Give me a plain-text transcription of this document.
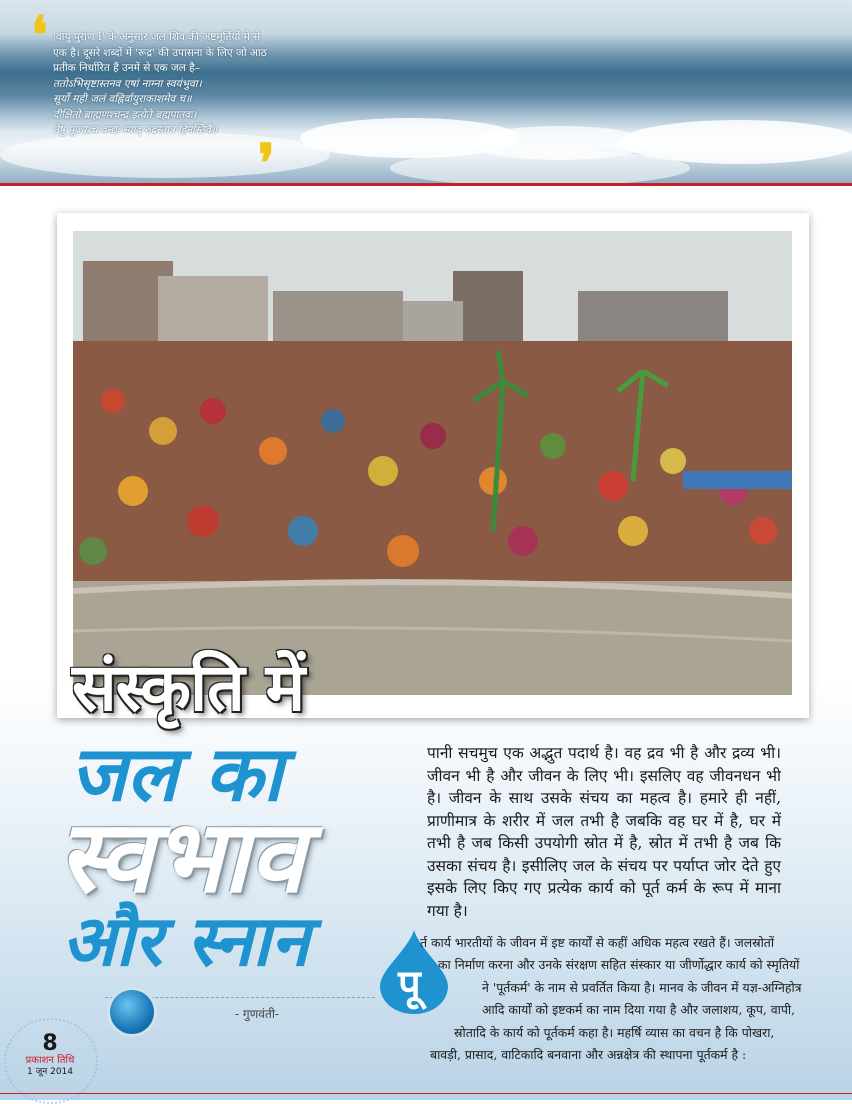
❛
❜

'वायु पुराण I' के अनुसार जल शिव की अष्टमूर्तियों में से

एक है। दूसरे शब्दों में 'रूद्र' की उपासना के लिए जो आठ

प्रतीक निर्धारित हैं उनमें से एक जल है–

ततोऽभिसृष्टास्तनव एषां नाम्ना स्वयंभुवा।

सूर्यो मही जलं वह्निर्वायुराकाशमेव च॥

दीक्षितो ब्राह्मणश्चन्द्र इत्येते ब्रह्मपातवः।

तेषु पूज्यश्च वन्द्यः स्याद् रुद्रस्तात्र हिनस्तिवै॥

संस्कृति में
जल का
स्वभाव
और स्नान

पानी सचमुच एक अद्भुत पदार्थ है। वह द्रव भी है और द्रव्य भी। जीवन भी है और जीवन के लिए भी। इसलिए वह जीवनधन भी है। जीवन के साथ उसके संचय का महत्व है। हमारे ही नहीं, प्राणीमात्र के शरीर में जल तभी है जबकि वह घर में है, घर में तभी है जब किसी उपयोगी स्रोत में है, स्रोत में तभी है जब कि उसका संचय है। इसीलिए जल के संचय पर पर्याप्त जोर देते हुए इसके लिए किए गए प्रत्येक कार्य को पूर्त कर्म के रूप में माना गया है।

पू
र्त कार्य भारतीयों के जीवन में इष्ट कार्यों से कहीं अधिक महत्व रखते हैं। जलस्रोतों
का निर्माण करना और उनके संरक्षण सहित संस्कार या जीर्णोद्धार कार्य को स्मृतियों
ने 'पूर्तकर्म' के नाम से प्रवर्तित किया है। मानव के जीवन में यज्ञ-अग्निहोत्र
आदि कार्यों को इष्टकर्म का नाम दिया गया है और जलाशय, कूप, वापी,
स्रोतादि के कार्य को पूर्तकर्म कहा है। महर्षि व्यास का वचन है कि पोखरा,
बावड़ी, प्रासाद, वाटिकादि बनवाना और अन्नक्षेत्र की स्थापना पूर्तकर्म है :
- गुणवंती-
8
प्रकाशन तिथि
1 जून 2014
